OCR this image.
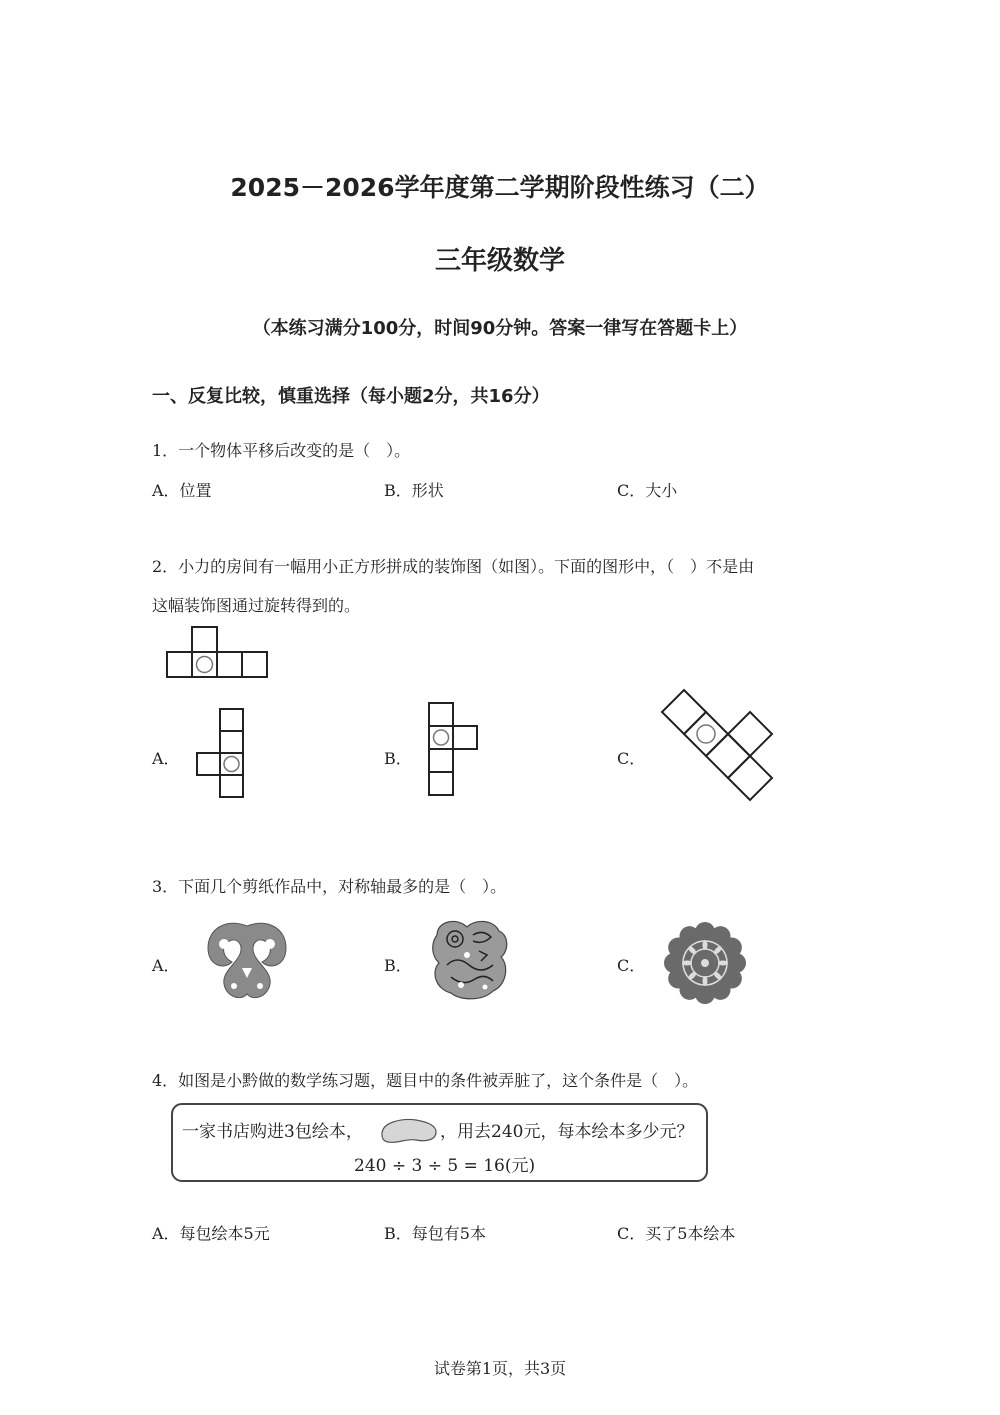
2025－2026学年度第二学期阶段性练习（二）
三年级数学
（本练习满分100分，时间90分钟。答案一律写在答题卡上）
一、反复比较，慎重选择（每小题2分，共16分）
1．一个物体平移后改变的是（　）。
A．位置	B．形状	C．大小
2．小力的房间有一幅用小正方形拼成的装饰图（如图）。下面的图形中，（　）不是由
这幅装饰图通过旋转得到的。
A．	B．	C．
3．下面几个剪纸作品中，对称轴最多的是（　）。
A．	B．	C．
4．如图是小黔做的数学练习题，题目中的条件被弄脏了，这个条件是（　）。
一家书店购进3包绘本，	，用去240元，每本绘本多少元？
240 ÷ 3 ÷ 5 = 16(元)
A．每包绘本5元	B．每包有5本	C．买了5本绘本
试卷第1页，共3页
